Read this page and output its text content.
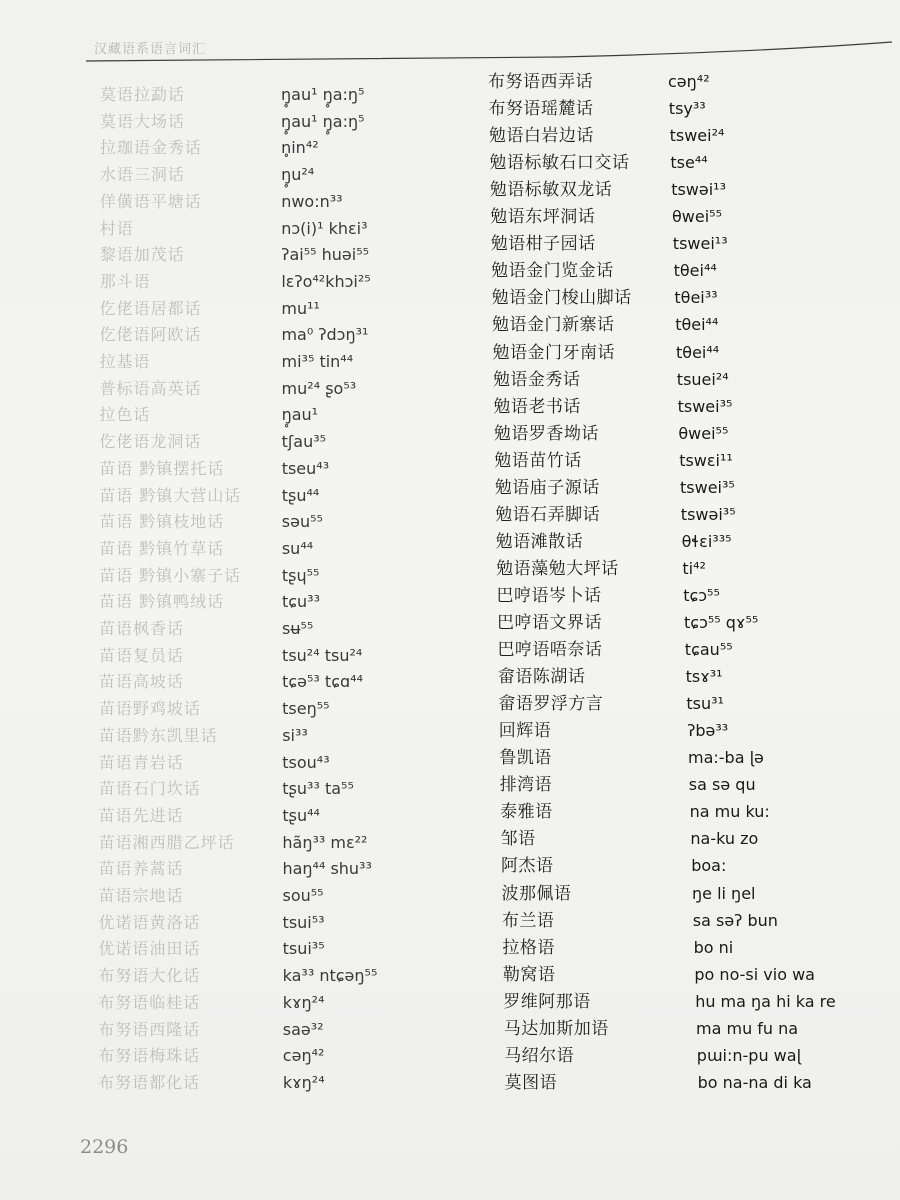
汉藏语系语言词汇
莫语拉勐话	ŋ̥au¹ ŋ̥a:ŋ⁵
莫语大场话	ŋ̥au¹ ŋ̥a:ŋ⁵
拉珈语金秀话	n̥in⁴²
水语三洞话	ŋ̥u²⁴
佯僙语平塘话	nwo:n³³
村语	nɔ(i)¹ khɛi³
黎语加茂话	ʔai⁵⁵ huəi⁵⁵
那斗语	lɛʔo⁴²khɔi²⁵
仡佬语居都话	mu¹¹
仡佬语阿欧话	ma⁰ ʔdɔŋ³¹
拉基语	mi³⁵ tin⁴⁴
普标语高英话	mu²⁴ ʂo⁵³
拉色话	ŋ̥au¹
仡佬语龙洞话	tʃau³⁵
苗语 黔镇摆托话	tseu⁴³
苗语 黔镇大营山话	tʂu⁴⁴
苗语 黔镇枝地话	səu⁵⁵
苗语 黔镇竹草话	su⁴⁴
苗语 黔镇小寨子话	tʂɥ⁵⁵
苗语 黔镇鸭绒话	tɕu³³
苗语枫香话	sʉ⁵⁵
苗语复员话	tsu²⁴ tsu²⁴
苗语高坡话	tɕə⁵³ tɕɑ⁴⁴
苗语野鸡坡话	tseŋ⁵⁵
苗语黔东凯里话	si³³
苗语青岩话	tsou⁴³
苗语石门坎话	tʂu³³ ta⁵⁵
苗语先进话	tʂu⁴⁴
苗语湘西腊乙坪话	hãŋ³³ mɛ²²
苗语养蒿话	haŋ⁴⁴ shu³³
苗语宗地话	sou⁵⁵
优诺语黄洛话	tsui⁵³
优诺语油田话	tsui³⁵
布努语大化话	ka³³ ntɕəŋ⁵⁵
布努语临桂话	kɤŋ²⁴
布努语西隆话	saə³²
布努语梅珠话	cəŋ⁴²
布努语都化话	kɤŋ²⁴
布努语西弄话	cəŋ⁴²
布努语瑶麓话	tsy³³
勉语白岩边话	tswei²⁴
勉语标敏石口交话	tse⁴⁴
勉语标敏双龙话	tswəi¹³
勉语东坪洞话	θwei⁵⁵
勉语柑子园话	tswei¹³
勉语金门览金话	tθei⁴⁴
勉语金门梭山脚话	tθei³³
勉语金门新寨话	tθei⁴⁴
勉语金门牙南话	tθei⁴⁴
勉语金秀话	tsuei²⁴
勉语老书话	tswei³⁵
勉语罗香坳话	θwei⁵⁵
勉语苗竹话	tswɛi¹¹
勉语庙子源话	tswei³⁵
勉语石弄脚话	tswəi³⁵
勉语滩散话	θɬɛi³³⁵
勉语藻勉大坪话	ti⁴²
巴哼语岑卜话	tɕɔ⁵⁵
巴哼语文界话	tɕɔ⁵⁵ qɤ⁵⁵
巴哼语唔奈话	tɕau⁵⁵
畲语陈湖话	tsɤ³¹
畲语罗浮方言	tsu³¹
回辉语	ʔbə³³
鲁凯语	ma:-ba ɭə
排湾语	sa sə qu
泰雅语	na mu ku:
邹语	na-ku zo
阿杰语	boa:
波那佩语	ŋe li ŋel
布兰语	sa səʔ bun
拉格语	bo ni
勒窝语	po no-si vio wa
罗维阿那语	hu ma ŋa hi ka re
马达加斯加语	ma mu fu na
马绍尔语	pɯi:n-pu waɭ
莫图语	bo na-na di ka
2296
